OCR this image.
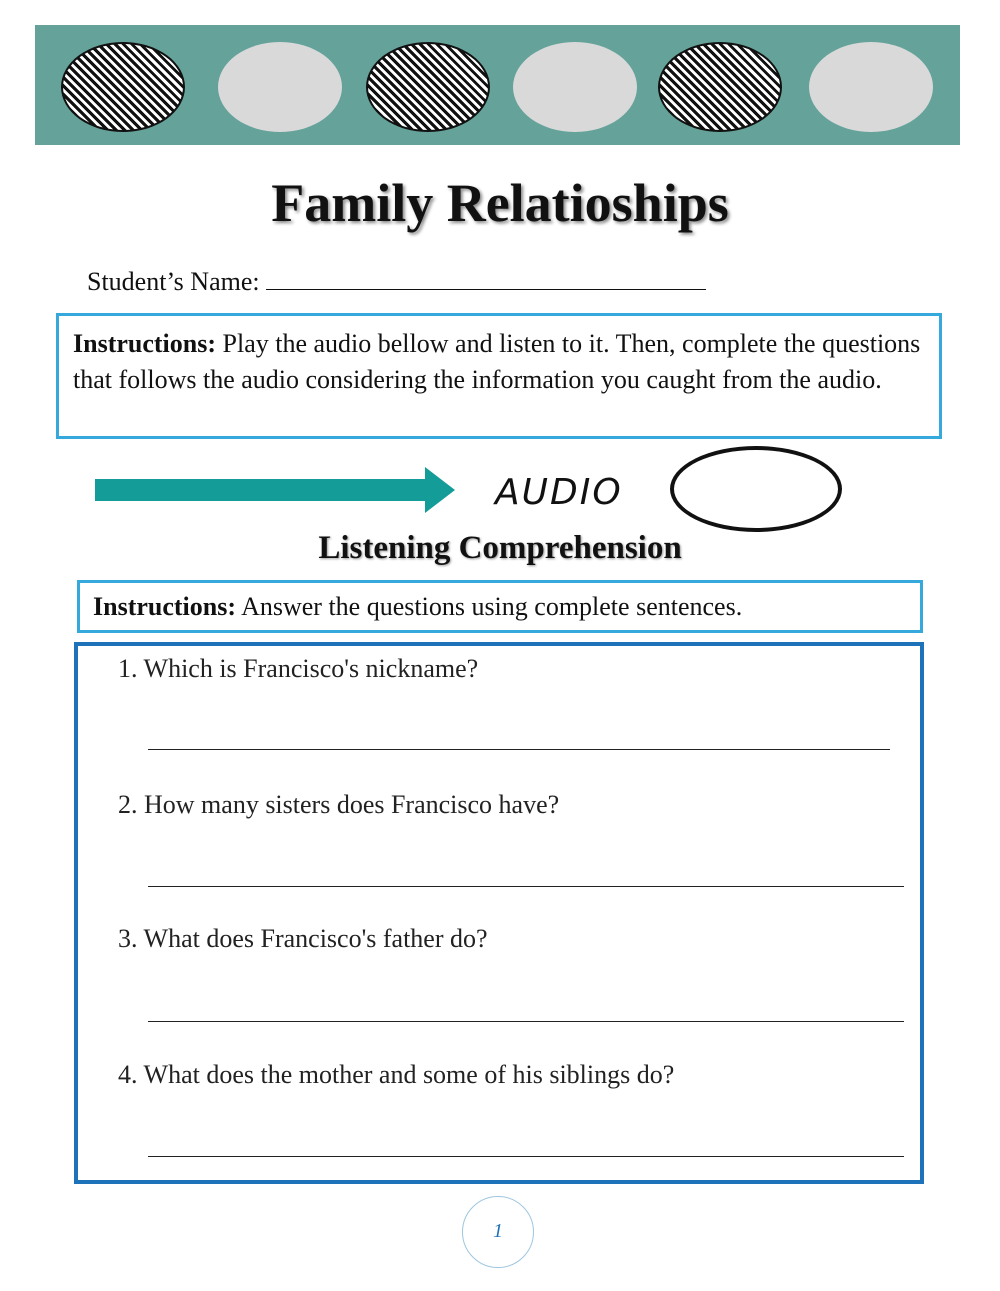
Family Relatioships
Student’s Name:
Instructions: Play the audio bellow and listen to it. Then, complete the questions that follows the audio considering the information you caught from the audio.
AUDIO
Listening Comprehension
Instructions: Answer the questions using complete sentences.
1. Which is Francisco's nickname?
2. How many sisters does Francisco have?
3. What does Francisco's father do?
4. What does the mother and some of his siblings do?
1
